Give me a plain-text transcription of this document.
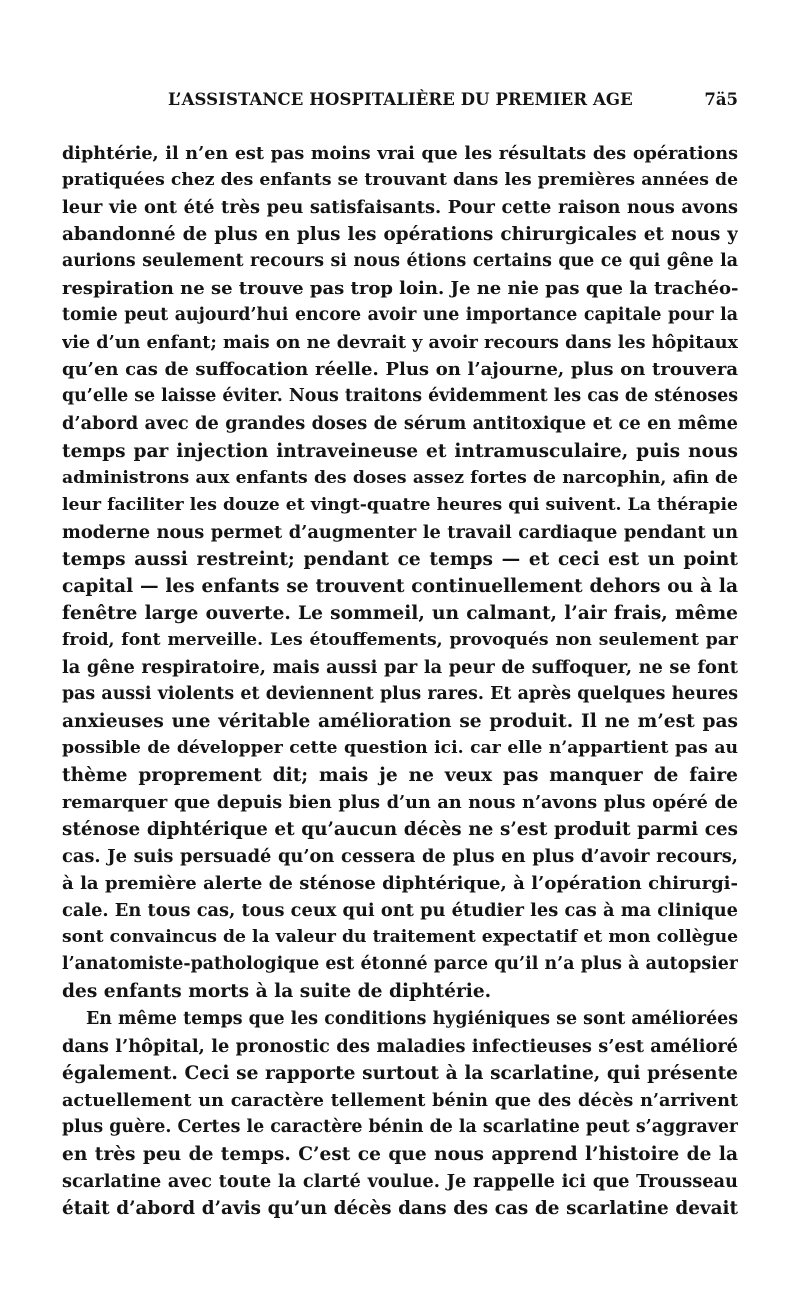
L’ASSISTANCE HOSPITALIÈRE DU PREMIER AGE	7ä5
diphtérie, il n’en est pas moins vrai que les résultats des opérations
pratiquées chez des enfants se trouvant dans les premières années de
leur vie ont été très peu satisfaisants. Pour cette raison nous avons
abandonné de plus en plus les opérations chirurgicales et nous y
aurions seulement recours si nous étions certains que ce qui gêne la
respiration ne se trouve pas trop loin. Je ne nie pas que la trachéo-
tomie peut aujourd’hui encore avoir une importance capitale pour la
vie d’un enfant; mais on ne devrait y avoir recours dans les hôpitaux
qu’en cas de suffocation réelle. Plus on l’ajourne, plus on trouvera
qu’elle se laisse éviter. Nous traitons évidemment les cas de sténoses
d’abord avec de grandes doses de sérum antitoxique et ce en même
temps par injection intraveineuse et intramusculaire, puis nous
administrons aux enfants des doses assez fortes de narcophin, afin de
leur faciliter les douze et vingt-quatre heures qui suivent. La thérapie
moderne nous permet d’augmenter le travail cardiaque pendant un
temps aussi restreint; pendant ce temps — et ceci est un point
capital — les enfants se trouvent continuellement dehors ou à la
fenêtre large ouverte. Le sommeil, un calmant, l’air frais, même
froid, font merveille. Les étouffements, provoqués non seulement par
la gêne respiratoire, mais aussi par la peur de suffoquer, ne se font
pas aussi violents et deviennent plus rares. Et après quelques heures
anxieuses une véritable amélioration se produit. Il ne m’est pas
possible de développer cette question ici. car elle n’appartient pas au
thème proprement dit; mais je ne veux pas manquer de faire
remarquer que depuis bien plus d’un an nous n’avons plus opéré de
sténose diphtérique et qu’aucun décès ne s’est produit parmi ces
cas. Je suis persuadé qu’on cessera de plus en plus d’avoir recours,
à la première alerte de sténose diphtérique, à l’opération chirurgi-
cale. En tous cas, tous ceux qui ont pu étudier les cas à ma clinique
sont convaincus de la valeur du traitement expectatif et mon collègue
l’anatomiste-pathologique est étonné parce qu’il n’a plus à autopsier
des enfants morts à la suite de diphtérie.
En même temps que les conditions hygiéniques se sont améliorées
dans l’hôpital, le pronostic des maladies infectieuses s’est amélioré
également. Ceci se rapporte surtout à la scarlatine, qui présente
actuellement un caractère tellement bénin que des décès n’arrivent
plus guère. Certes le caractère bénin de la scarlatine peut s’aggraver
en très peu de temps. C’est ce que nous apprend l’histoire de la
scarlatine avec toute la clarté voulue. Je rappelle ici que Trousseau
était d’abord d’avis qu’un décès dans des cas de scarlatine devait
